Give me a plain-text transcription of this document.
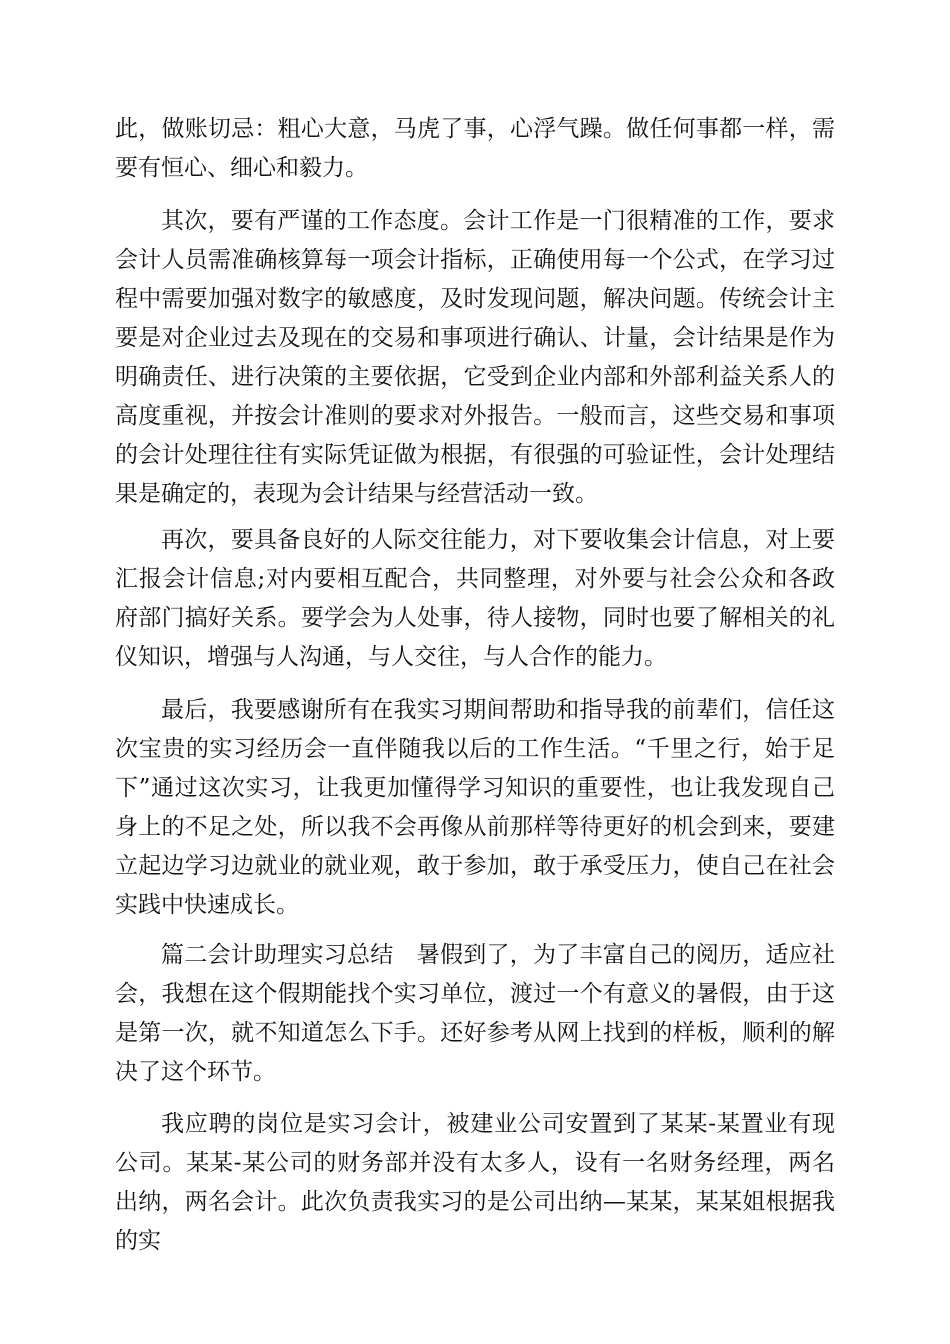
此，做账切忌：粗心大意，马虎了事，心浮气躁。做任何事都一样，需要有恒心、细心和毅力。

其次，要有严谨的工作态度。会计工作是一门很精准的工作，要求会计人员需准确核算每一项会计指标，正确使用每一个公式，在学习过程中需要加强对数字的敏感度，及时发现问题，解决问题。传统会计主要是对企业过去及现在的交易和事项进行确认、计量，会计结果是作为明确责任、进行决策的主要依据，它受到企业内部和外部利益关系人的高度重视，并按会计准则的要求对外报告。一般而言，这些交易和事项的会计处理往往有实际凭证做为根据，有很强的可验证性，会计处理结果是确定的，表现为会计结果与经营活动一致。

再次，要具备良好的人际交往能力，对下要收集会计信息，对上要汇报会计信息;对内要相互配合，共同整理，对外要与社会公众和各政府部门搞好关系。要学会为人处事，待人接物，同时也要了解相关的礼仪知识，增强与人沟通，与人交往，与人合作的能力。

最后，我要感谢所有在我实习期间帮助和指导我的前辈们，信任这次宝贵的实习经历会一直伴随我以后的工作生活。“千里之行，始于足下”通过这次实习，让我更加懂得学习知识的重要性，也让我发现自己身上的不足之处，所以我不会再像从前那样等待更好的机会到来，要建立起边学习边就业的就业观，敢于参加，敢于承受压力，使自己在社会实践中快速成长。

篇二会计助理实习总结　暑假到了，为了丰富自己的阅历，适应社会，我想在这个假期能找个实习单位，渡过一个有意义的暑假，由于这是第一次，就不知道怎么下手。还好参考从网上找到的样板，顺利的解决了这个环节。

我应聘的岗位是实习会计，被建业公司安置到了某某-某置业有现公司。某某-某公司的财务部并没有太多人，设有一名财务经理，两名出纳，两名会计。此次负责我实习的是公司出纳—某某，某某姐根据我的实
